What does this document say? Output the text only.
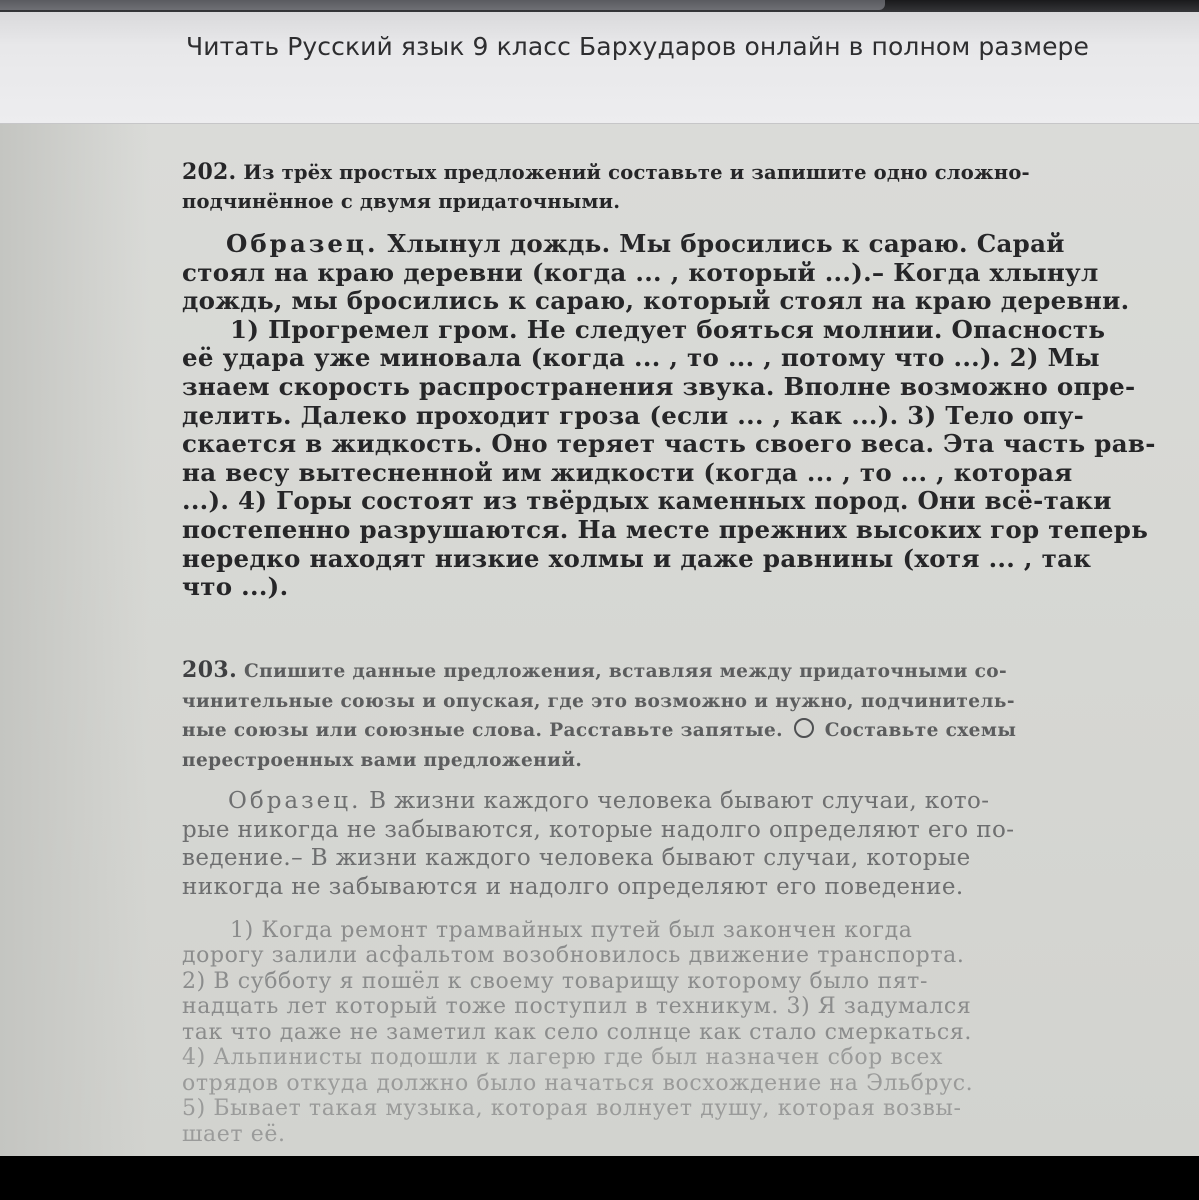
Читать Русский язык 9 класс Бархударов онлайн в полном размере

202. Из трёх простых предложений составьте и запишите одно сложно-

подчинённое с двумя придаточными.

Образец. Хлынул дождь. Мы бросились к сараю. Сарай

стоял на краю деревни (когда ... , который ...).– Когда хлынул

дождь, мы бросились к сараю, который стоял на краю деревни.

1) Прогремел гром. Не следует бояться молнии. Опасность

её удара уже миновала (когда ... , то ... , потому что ...). 2) Мы

знаем скорость распространения звука. Вполне возможно опре-

делить. Далеко проходит гроза (если ... , как ...). 3) Тело опу-

скается в жидкость. Оно теряет часть своего веса. Эта часть рав-

на весу вытесненной им жидкости (когда ... , то ... , которая

...). 4) Горы состоят из твёрдых каменных пород. Они всё-таки

постепенно разрушаются. На месте прежних высоких гор теперь

нередко находят низкие холмы и даже равнины (хотя ... , так

что ...).

203. Спишите данные предложения, вставляя между придаточными со-

чинительные союзы и опуская, где это возможно и нужно, подчинитель-

ные союзы или союзные слова. Расставьте запятые. Составьте схемы

перестроенных вами предложений.

Образец. В жизни каждого человека бывают случаи, кото-

рые никогда не забываются, которые надолго определяют его по-

ведение.– В жизни каждого человека бывают случаи, которые

никогда не забываются и надолго определяют его поведение.

1) Когда ремонт трамвайных путей был закончен когда

дорогу залили асфальтом возобновилось движение транспорта.

2) В субботу я пошёл к своему товарищу которому было пят-

надцать лет который тоже поступил в техникум. 3) Я задумался

так что даже не заметил как село солнце как стало смеркаться.

4) Альпинисты подошли к лагерю где был назначен сбор всех

отрядов откуда должно было начаться восхождение на Эльбрус.

5) Бывает такая музыка, которая волнует душу, которая возвы-

шает её.
